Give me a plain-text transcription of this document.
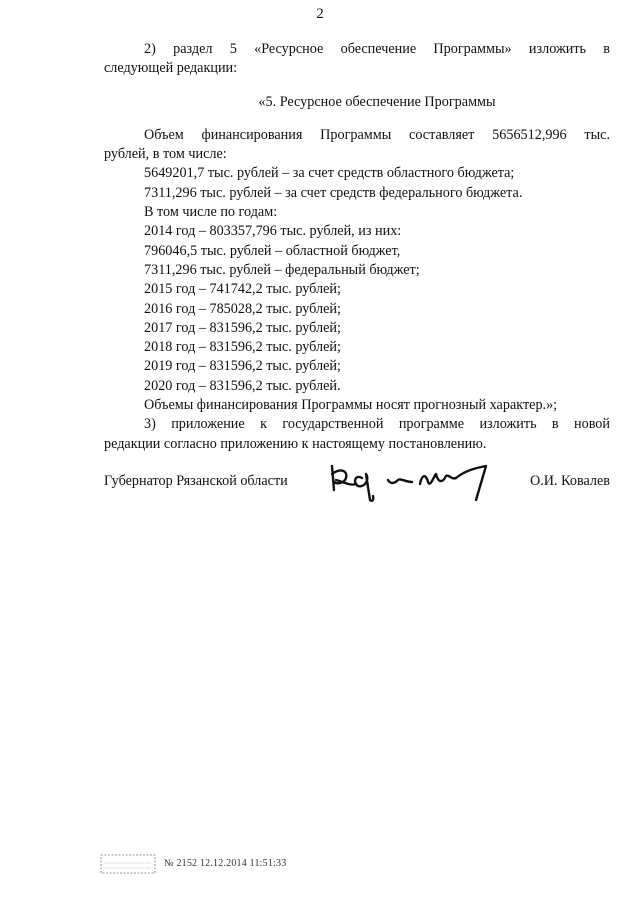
2

2) раздел 5 «Ресурсное обеспечение Программы» изложить в

следующей редакции:

«5. Ресурсное обеспечение Программы

Объем финансирования Программы составляет 5656512,996 тыс.

рублей, в том числе:

5649201,7 тыс. рублей – за счет средств областного бюджета;

7311,296 тыс. рублей – за счет средств федерального бюджета.

В том числе по годам:

2014 год – 803357,796 тыс. рублей, из них:

796046,5 тыс. рублей – областной бюджет,

7311,296 тыс. рублей – федеральный бюджет;

2015 год – 741742,2 тыс. рублей;

2016 год – 785028,2 тыс. рублей;

2017 год – 831596,2 тыс. рублей;

2018 год – 831596,2 тыс. рублей;

2019 год – 831596,2 тыс. рублей;

2020 год – 831596,2 тыс. рублей.

Объемы финансирования Программы носят прогнозный характер.»;

3) приложение к государственной программе изложить в новой

редакции согласно приложению к настоящему постановлению.

Губернатор Рязанской области	О.И. Ковалев
№ 2152 12.12.2014 11:51:33
